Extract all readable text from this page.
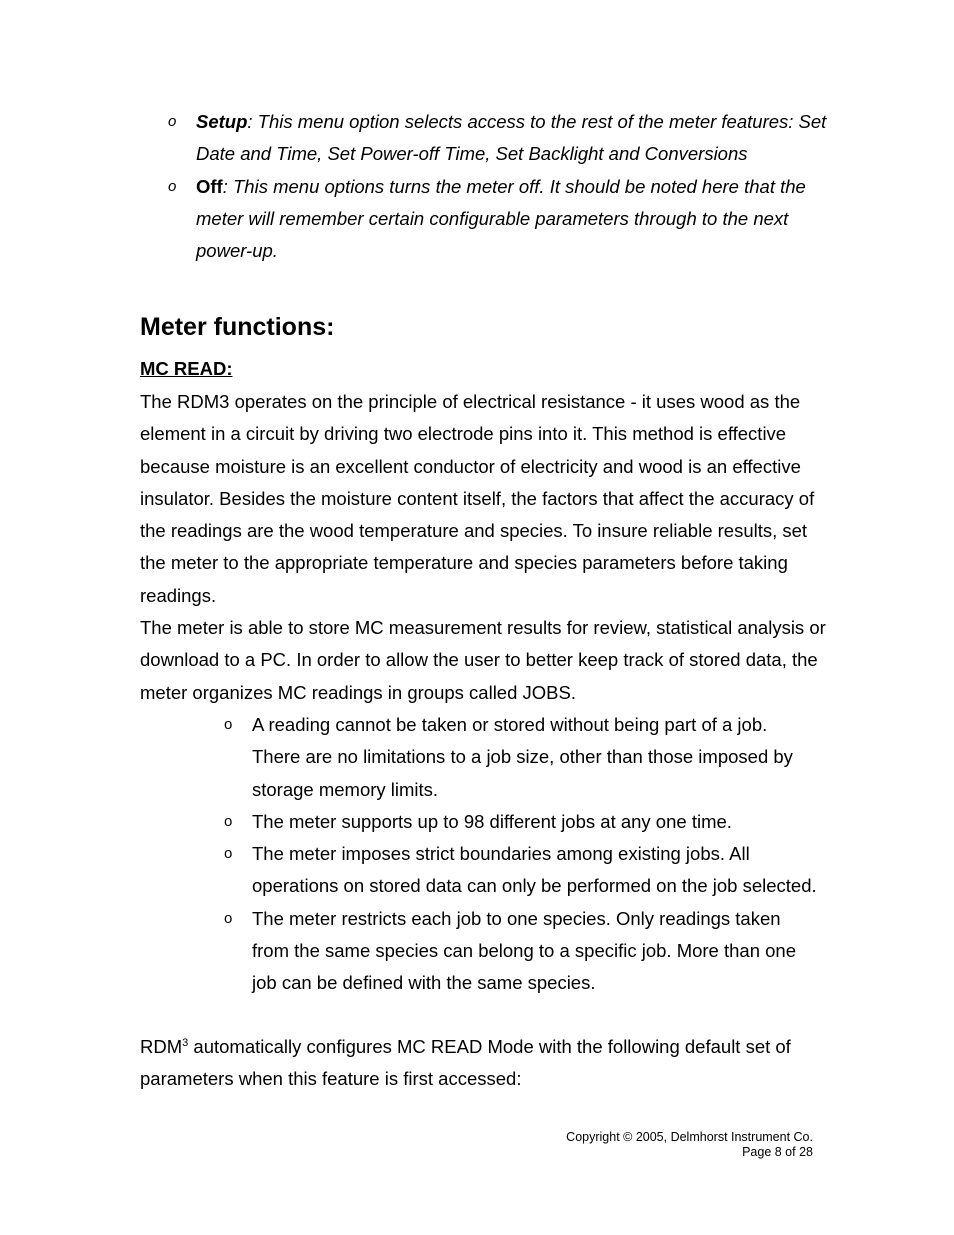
o Setup: This menu option selects access to the rest of the meter features: Set Date and Time, Set Power-off Time, Set Backlight and Conversions
o Off: This menu options turns the meter off. It should be noted here that the meter will remember certain configurable parameters through to the next power-up.
Meter functions:
MC READ:

The RDM3 operates on the principle of electrical resistance - it uses wood as the element in a circuit by driving two electrode pins into it. This method is effective because moisture is an excellent conductor of electricity and wood is an effective insulator. Besides the moisture content itself, the factors that affect the accuracy of the readings are the wood temperature and species. To insure reliable results, set the meter to the appropriate temperature and species parameters before taking readings.

The meter is able to store MC measurement results for review, statistical analysis or download to a PC. In order to allow the user to better keep track of stored data, the meter organizes MC readings in groups called JOBS.

o A reading cannot be taken or stored without being part of a job. There are no limitations to a job size, other than those imposed by storage memory limits.
o The meter supports up to 98 different jobs at any one time.
o The meter imposes strict boundaries among existing jobs. All operations on stored data can only be performed on the job selected.
o The meter restricts each job to one species. Only readings taken from the same species can belong to a specific job. More than one job can be defined with the same species.

RDM$^3$ automatically configures MC READ Mode with the following default set of parameters when this feature is first accessed:

Copyright © 2005, Delmhorst Instrument Co.
Page 8 of 28
